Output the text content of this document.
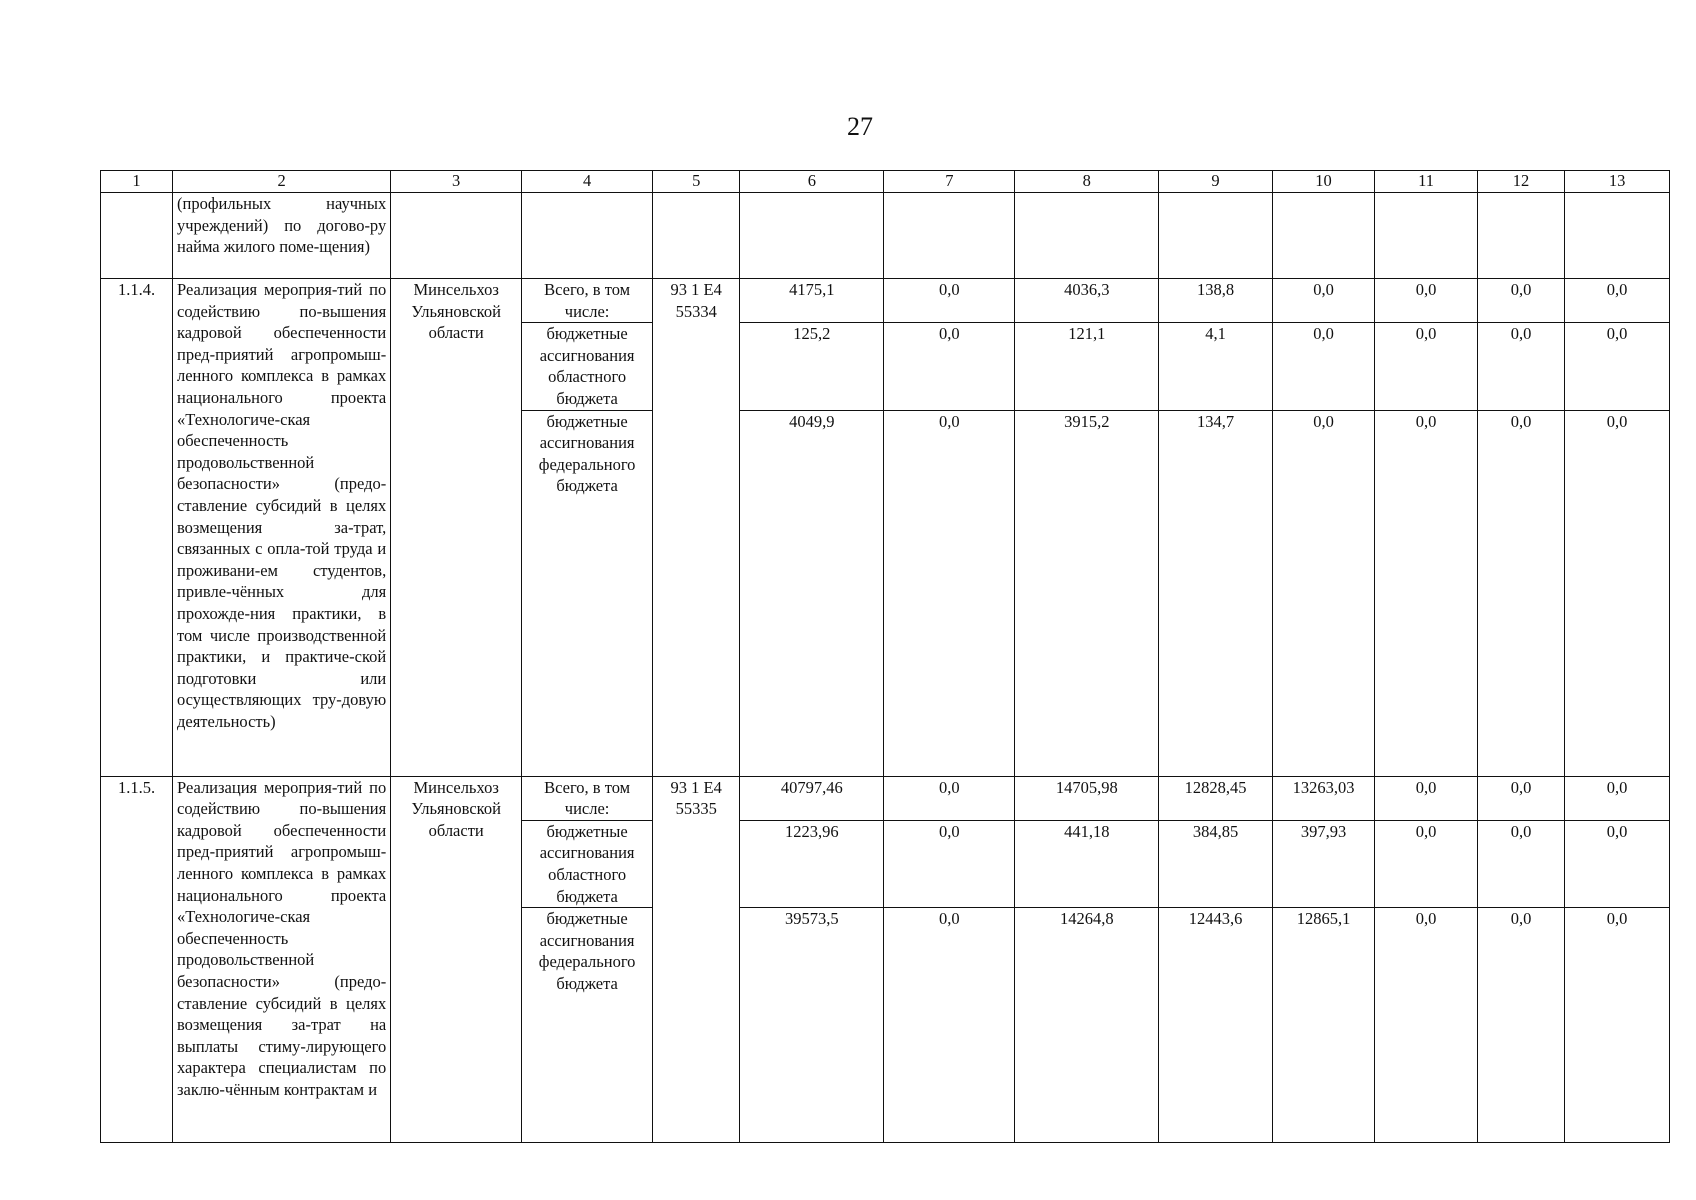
27
1	2	3	4	5	6	7	8	9	10	11	12	13
	(профильных научных учреждений) по догово-ру найма жилого поме-щения)											
1.1.4.	Реализация мероприя-тий по содействию по-вышения кадровой обеспеченности пред-приятий агропромыш-ленного комплекса в рамках национального проекта «Технологиче-ская обеспеченность продовольственной безопасности» (предо-ставление субсидий в целях возмещения за-трат, связанных с опла-той труда и проживани-ем студентов, привле-чённых для прохожде-ния практики, в том числе производственной практики, и практиче-ской подготовки или осуществляющих тру-довую деятельность)	Минсельхоз Ульяновской области	Всего, в том числе:	93 1 E4 55334	4175,1	0,0	4036,3	138,8	0,0	0,0	0,0	0,0
			бюджетные ассигнования областного бюджета		125,2	0,0	121,1	4,1	0,0	0,0	0,0	0,0
			бюджетные ассигнования федерального бюджета		4049,9	0,0	3915,2	134,7	0,0	0,0	0,0	0,0
1.1.5.	Реализация мероприя-тий по содействию по-вышения кадровой обеспеченности пред-приятий агропромыш-ленного комплекса в рамках национального проекта «Технологиче-ская обеспеченность продовольственной безопасности» (предо-ставление субсидий в целях возмещения за-трат на выплаты стиму-лирующего характера специалистам по заклю-чённым контрактам и	Минсельхоз Ульяновской области	Всего, в том числе:	93 1 E4 55335	40797,46	0,0	14705,98	12828,45	13263,03	0,0	0,0	0,0
			бюджетные ассигнования областного бюджета		1223,96	0,0	441,18	384,85	397,93	0,0	0,0	0,0
			бюджетные ассигнования федерального бюджета		39573,5	0,0	14264,8	12443,6	12865,1	0,0	0,0	0,0
